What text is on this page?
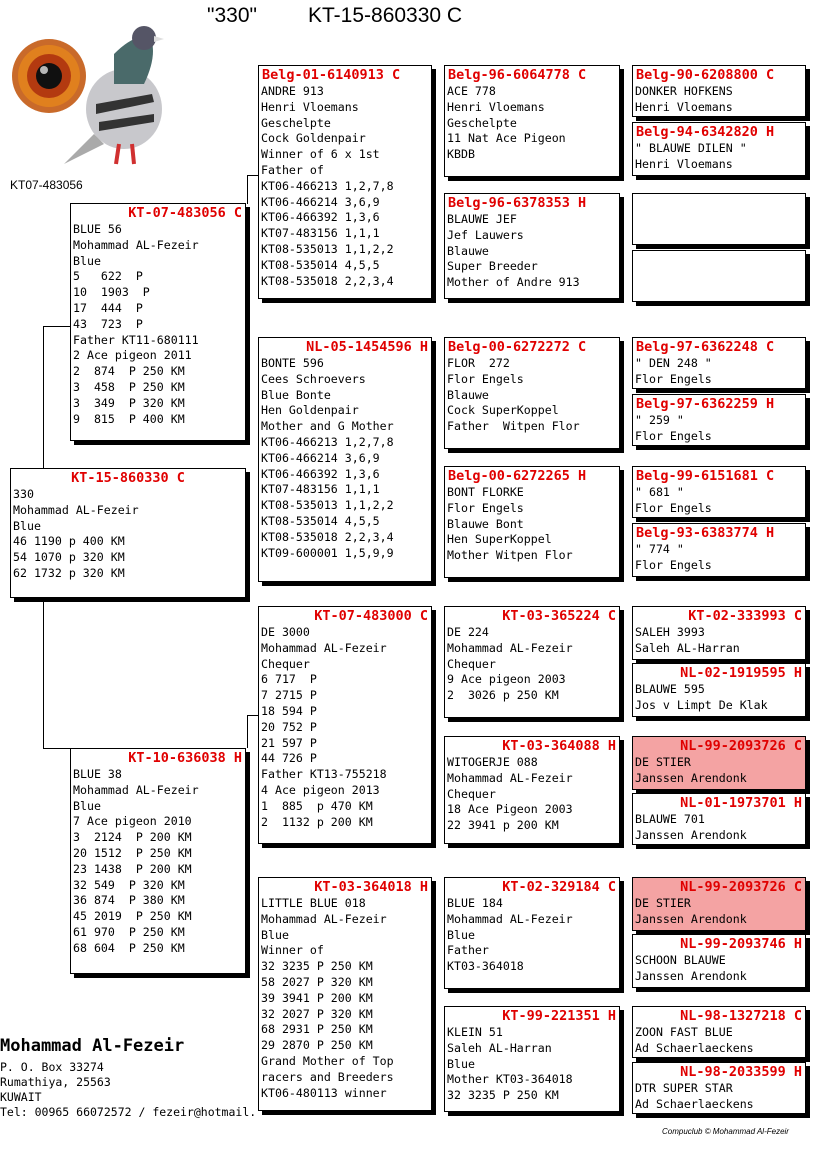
"330" KT-15-860330 C
KT07-483056
KT-15-860330 C
330
Mohammad AL-Fezeir
Blue
46 1190 p 400 KM
54 1070 p 320 KM
62 1732 p 320 KM
KT-07-483056 C
BLUE 56
Mohammad AL-Fezeir
Blue
5   622  P
10  1903  P
17  444  P
43  723  P
Father KT11-680111
2 Ace pigeon 2011
2  874  P 250 KM
3  458  P 250 KM
3  349  P 320 KM
9  815  P 400 KM
KT-10-636038 H
BLUE 38
Mohammad AL-Fezeir
Blue
7 Ace pigeon 2010
3  2124  P 200 KM
20 1512  P 250 KM
23 1438  P 200 KM
32 549  P 320 KM
36 874  P 380 KM
45 2019  P 250 KM
61 970  P 250 KM
68 604  P 250 KM
Belg-01-6140913 C
ANDRE 913
Henri Vloemans
Geschelpte
Cock Goldenpair
Winner of 6 x 1st
Father of
KT06-466213 1,2,7,8
KT06-466214 3,6,9
KT06-466392 1,3,6
KT07-483156 1,1,1
KT08-535013 1,1,2,2
KT08-535014 4,5,5
KT08-535018 2,2,3,4
NL-05-1454596 H
BONTE 596
Cees Schroevers
Blue Bonte
Hen Goldenpair
Mother and G Mother
KT06-466213 1,2,7,8
KT06-466214 3,6,9
KT06-466392 1,3,6
KT07-483156 1,1,1
KT08-535013 1,1,2,2
KT08-535014 4,5,5
KT08-535018 2,2,3,4
KT09-600001 1,5,9,9
KT-07-483000 C
DE 3000
Mohammad AL-Fezeir
Chequer
6 717  P
7 2715 P
18 594 P
20 752 P
21 597 P
44 726 P
Father KT13-755218
4 Ace pigeon 2013
1  885  p 470 KM
2  1132 p 200 KM
KT-03-364018 H
LITTLE BLUE 018
Mohammad AL-Fezeir
Blue
Winner of
32 3235 P 250 KM
58 2027 P 320 KM
39 3941 P 200 KM
32 2027 P 320 KM
68 2931 P 250 KM
29 2870 P 250 KM
Grand Mother of Top
racers and Breeders
KT06-480113 winner
Belg-96-6064778 C
ACE 778
Henri Vloemans
Geschelpte
11 Nat Ace Pigeon
KBDB
Belg-96-6378353 H
BLAUWE JEF
Jef Lauwers
Blauwe
Super Breeder
Mother of Andre 913
Belg-00-6272272 C
FLOR  272
Flor Engels
Blauwe
Cock SuperKoppel
Father  Witpen Flor
Belg-00-6272265 H
BONT FLORKE
Flor Engels
Blauwe Bont
Hen SuperKoppel
Mother Witpen Flor
KT-03-365224 C
DE 224
Mohammad AL-Fezeir
Chequer
9 Ace pigeon 2003
2  3026 p 250 KM
KT-03-364088 H
WITOGERJE 088
Mohammad AL-Fezeir
Chequer
18 Ace Pigeon 2003
22 3941 p 200 KM
KT-02-329184 C
BLUE 184
Mohammad AL-Fezeir
Blue
Father
KT03-364018
KT-99-221351 H
KLEIN 51
Saleh AL-Harran
Blue
Mother KT03-364018
32 3235 P 250 KM
Belg-90-6208800 C
DONKER HOFKENS
Henri Vloemans
Belg-94-6342820 H
" BLAUWE DILEN "
Henri Vloemans
Belg-97-6362248 C
" DEN 248 "
Flor Engels
Belg-97-6362259 H
" 259 "
Flor Engels
Belg-99-6151681 C
" 681 "
Flor Engels
Belg-93-6383774 H
" 774 "
Flor Engels
KT-02-333993 C
SALEH 3993
Saleh AL-Harran
NL-02-1919595 H
BLAUWE 595
Jos v Limpt De Klak
NL-99-2093726 C
DE STIER
Janssen Arendonk
NL-01-1973701 H
BLAUWE 701
Janssen Arendonk
NL-99-2093726 C
DE STIER
Janssen Arendonk
NL-99-2093746 H
SCHOON BLAUWE
Janssen Arendonk
NL-98-1327218 C
ZOON FAST BLUE
Ad Schaerlaeckens
NL-98-2033599 H
DTR SUPER STAR
Ad Schaerlaeckens
Mohammad Al-Fezeir
P. O. Box 33274
Rumathiya, 25563
KUWAIT
Tel: 00965 66072572 / fezeir@hotmail.
Compuclub © Mohammad Al-Fezeir
